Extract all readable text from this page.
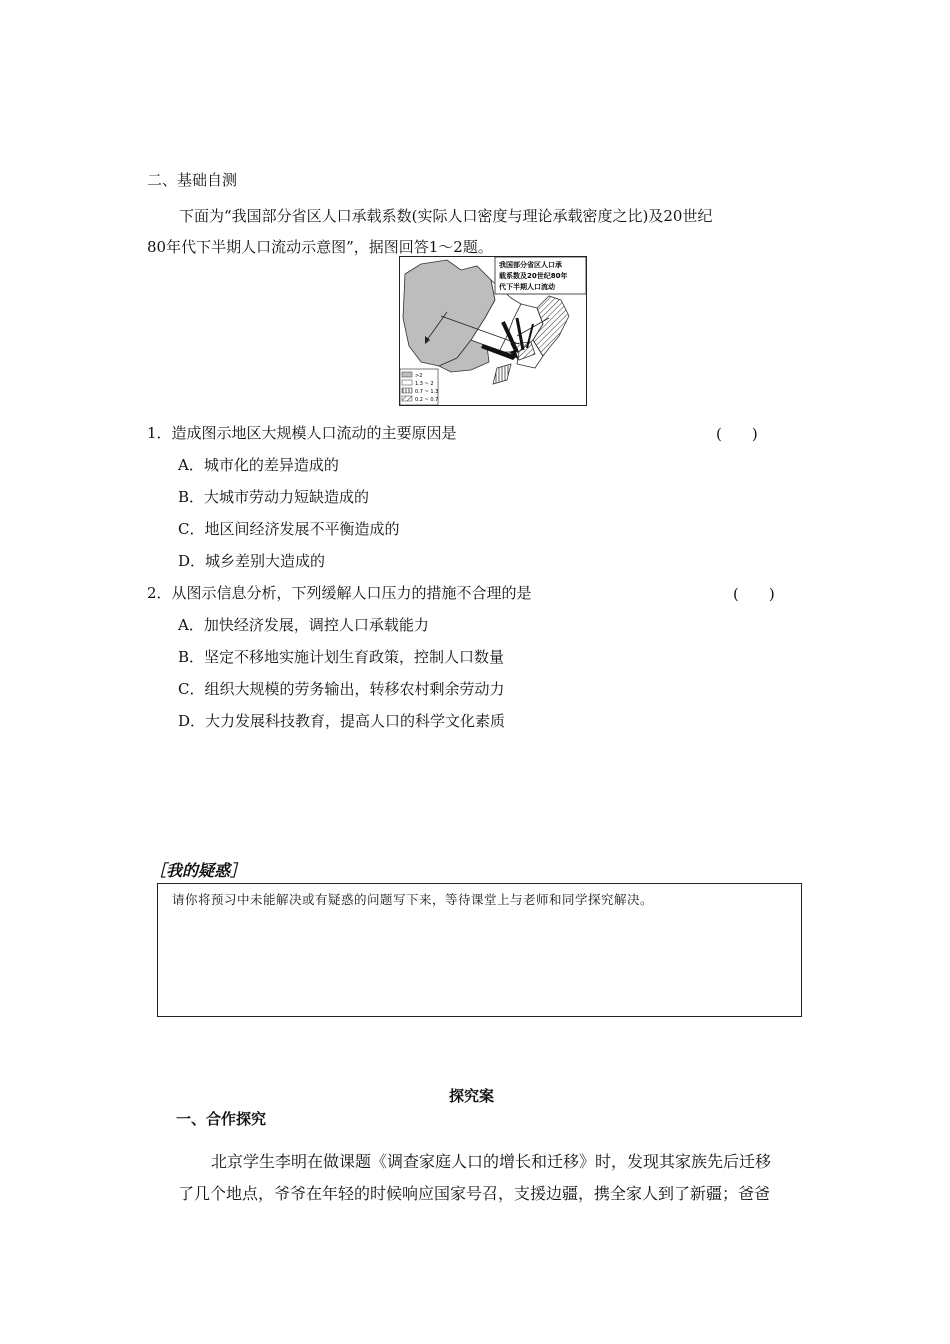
二、基础自测
下面为“我国部分省区人口承载系数(实际人口密度与理论承载密度之比)及20世纪
80年代下半期人口流动示意图”，据图回答1～2题。
我国部分省区人口承
载系数及20世纪80年
代下半期人口流动
>2
1.3 ~ 2
0.7 ~ 1.3
0.2 ~ 0.7
1．造成图示地区大规模人口流动的主要原因是	(　　)
A．城市化的差异造成的
B．大城市劳动力短缺造成的
C．地区间经济发展不平衡造成的
D．城乡差别大造成的
2．从图示信息分析，下列缓解人口压力的措施不合理的是	(　　)
A．加快经济发展，调控人口承载能力
B．坚定不移地实施计划生育政策，控制人口数量
C．组织大规模的劳务输出，转移农村剩余劳动力
D．大力发展科技教育，提高人口的科学文化素质
［我的疑惑］
请你将预习中未能解决或有疑惑的问题写下来，等待课堂上与老师和同学探究解决。
探究案
一、合作探究
北京学生李明在做课题《调查家庭人口的增长和迁移》时，发现其家族先后迁移
了几个地点，爷爷在年轻的时候响应国家号召，支援边疆，携全家人到了新疆；爸爸
